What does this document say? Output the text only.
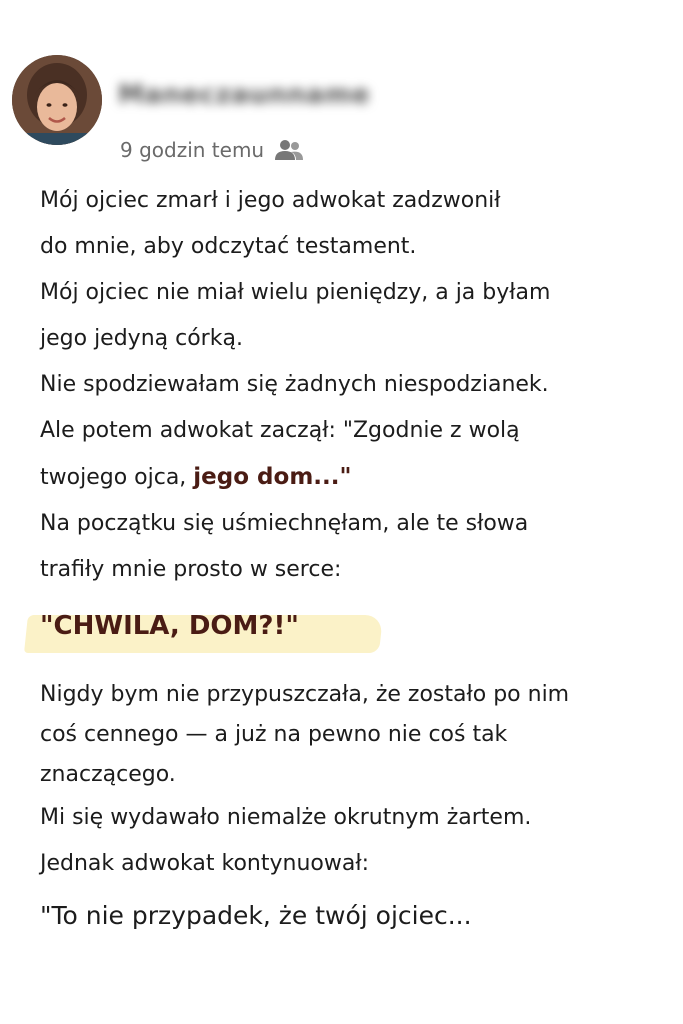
Maneczaunname
9 godzin temu

Mój ojciec zmarł i jego adwokat zadzwonił
do mnie, aby odczytać testament.

Mój ojciec nie miał wielu pieniędzy, a ja byłam
jego jedyną córką.

Nie spodziewałam się żadnych niespodzianek.

Ale potem adwokat zaczął: "Zgodnie z wolą
twojego ojca, jego dom..."

Na początku się uśmiechnęłam, ale te słowa
trafiły mnie prosto w serce:

"CHWILA, DOM?!"

Nigdy bym nie przypuszczała, że zostało po nim
coś cennego — a już na pewno nie coś tak
znaczącego.

Mi się wydawało niemalże okrutnym żartem.

Jednak adwokat kontynuował:

"To nie przypadek, że twój ojciec...
